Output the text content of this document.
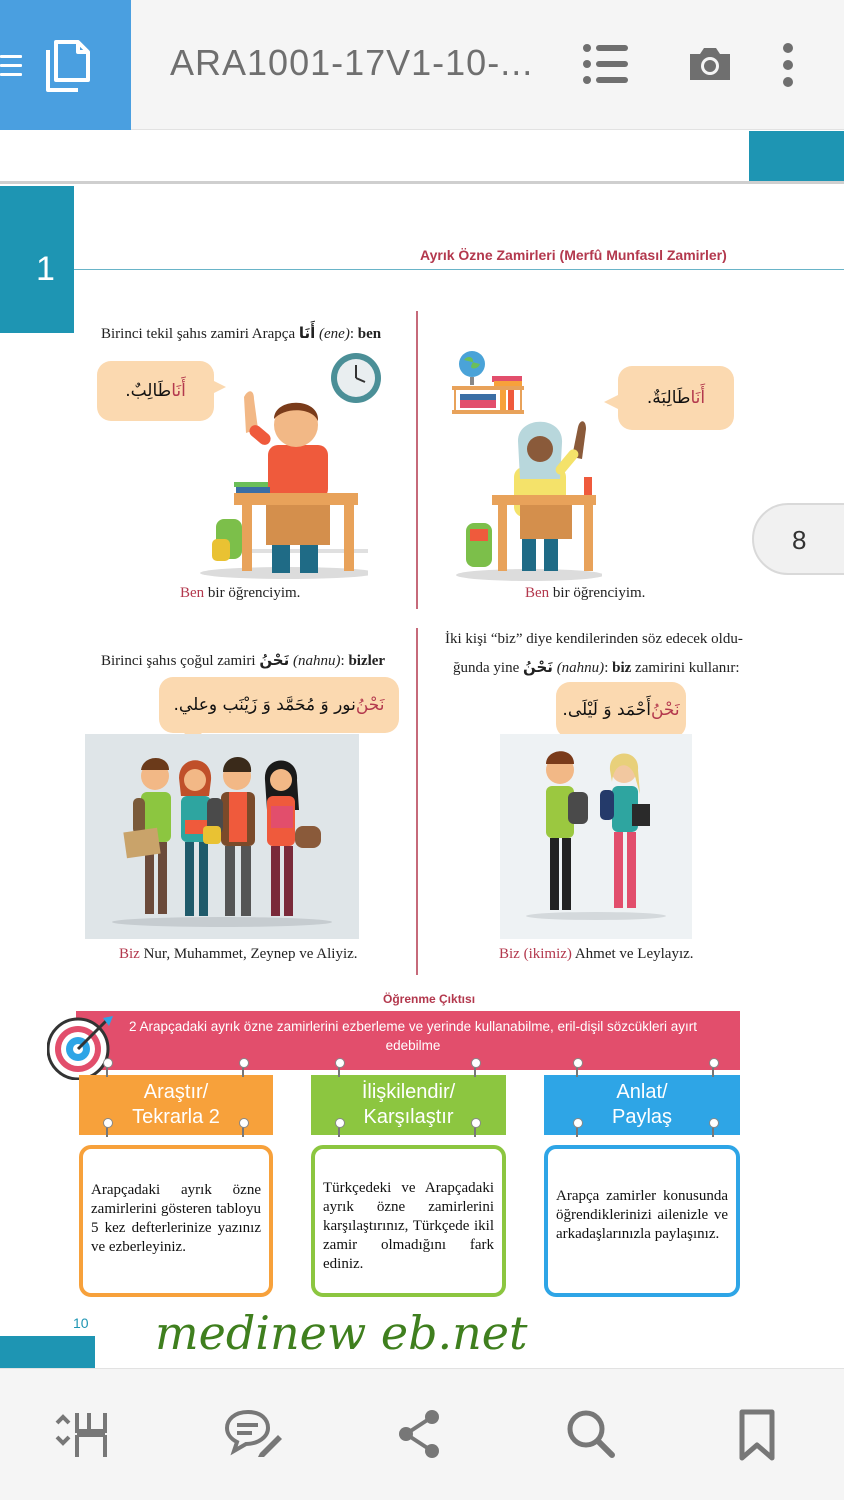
ARA1001-17V1-10-...
1	Ayrık Özne Zamirleri (Merfû Munfasıl Zamirler)
8
Birinci tekil şahıs zamiri Arapça أَنَا (ene): ben
أَنَا
طَالِبٌ.
Ben bir öğrenciyim.
أَنَا
طَالِبَةٌ.
Ben bir öğrenciyim.
Birinci şahıs çoğul zamiri نَحْنُ (nahnu): bizler
نَحْنُ
نور وَ مُحَمَّد وَ زَيْنَب وعلي.
Biz Nur, Muhammet, Zeynep ve Aliyiz.
İki kişi “biz” diye kendilerinden söz edecek oldu-
ğunda yine نَحْنُ (nahnu): biz zamirini kullanır:
نَحْنُ
أَحْمَد وَ لَيْلَى.
Biz (ikimiz) Ahmet ve Leylayız.
Öğrenme Çıktısı
2 Arapçadaki ayrık özne zamirlerini ezberleme ve yerinde kullanabilme, eril-dişil sözcükleri ayırt edebilme
Araştır/
Tekrarla 2
İlişkilendir/
Karşılaştır
Anlat/
Paylaş

Arapçadaki ayrık özne zamirlerini gösteren tabloyu 5 kez defterlerinize yazınız ve ezberleyiniz.

Türkçedeki ve Arapçadaki ayrık özne zamirlerini karşılaştırınız, Türkçede ikil zamir olmadığını fark ediniz.

Arapça zamirler konusunda öğrendiklerinizi ailenizle ve arkadaşlarınızla paylaşınız.

10 medinew eb.net
